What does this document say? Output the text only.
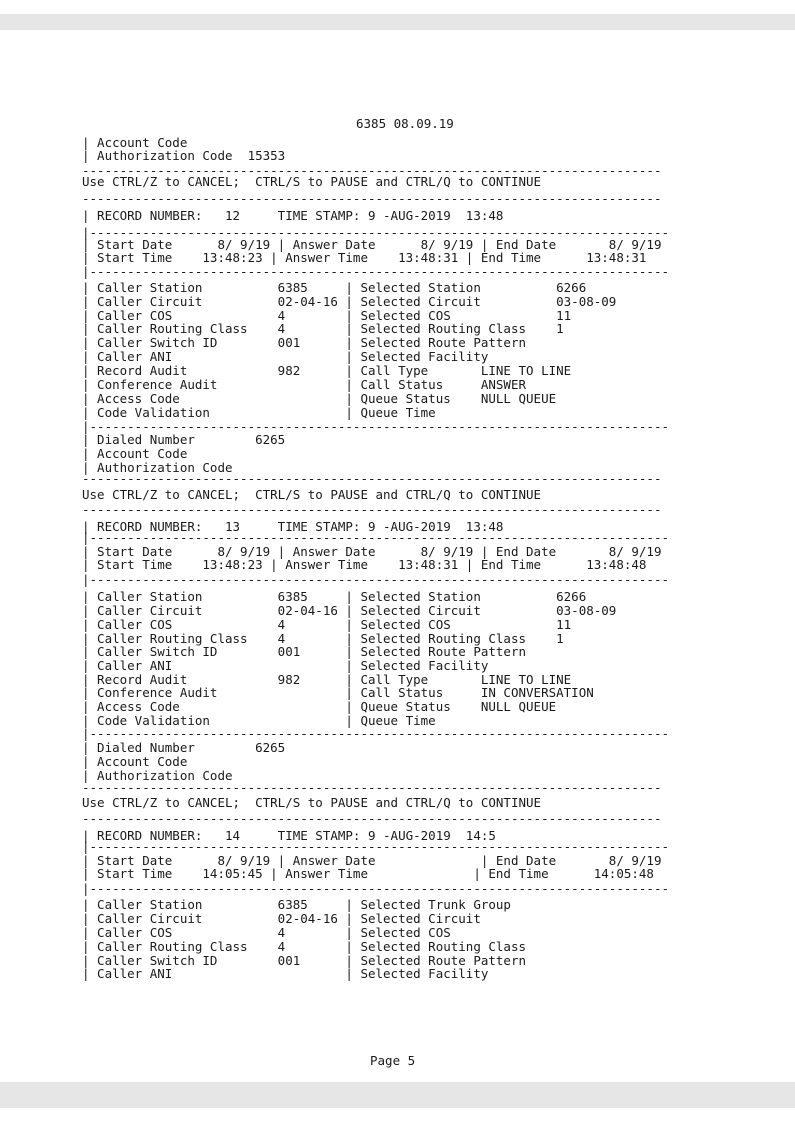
6385 08.09.19
| Account Code
| Authorization Code  15353
-----------------------------------------------------------------------------
Use CTRL/Z to CANCEL;  CTRL/S to PAUSE and CTRL/Q to CONTINUE
-----------------------------------------------------------------------------
| RECORD NUMBER:   12     TIME STAMP: 9 -AUG-2019  13:48
|-----------------------------------------------------------------------------
| Start Date      8/ 9/19 | Answer Date      8/ 9/19 | End Date       8/ 9/19
| Start Time    13:48:23 | Answer Time    13:48:31 | End Time      13:48:31
|-----------------------------------------------------------------------------
| Caller Station          6385     | Selected Station          6266
| Caller Circuit          02-04-16 | Selected Circuit          03-08-09
| Caller COS              4        | Selected COS              11
| Caller Routing Class    4        | Selected Routing Class    1
| Caller Switch ID        001      | Selected Route Pattern
| Caller ANI                       | Selected Facility
| Record Audit            982      | Call Type       LINE TO LINE
| Conference Audit                 | Call Status     ANSWER
| Access Code                      | Queue Status    NULL QUEUE
| Code Validation                  | Queue Time
|-----------------------------------------------------------------------------
| Dialed Number        6265
| Account Code
| Authorization Code
-----------------------------------------------------------------------------
Use CTRL/Z to CANCEL;  CTRL/S to PAUSE and CTRL/Q to CONTINUE
-----------------------------------------------------------------------------
| RECORD NUMBER:   13     TIME STAMP: 9 -AUG-2019  13:48
|-----------------------------------------------------------------------------
| Start Date      8/ 9/19 | Answer Date      8/ 9/19 | End Date       8/ 9/19
| Start Time    13:48:23 | Answer Time    13:48:31 | End Time      13:48:48
|-----------------------------------------------------------------------------
| Caller Station          6385     | Selected Station          6266
| Caller Circuit          02-04-16 | Selected Circuit          03-08-09
| Caller COS              4        | Selected COS              11
| Caller Routing Class    4        | Selected Routing Class    1
| Caller Switch ID        001      | Selected Route Pattern
| Caller ANI                       | Selected Facility
| Record Audit            982      | Call Type       LINE TO LINE
| Conference Audit                 | Call Status     IN CONVERSATION
| Access Code                      | Queue Status    NULL QUEUE
| Code Validation                  | Queue Time
|-----------------------------------------------------------------------------
| Dialed Number        6265
| Account Code
| Authorization Code
-----------------------------------------------------------------------------
Use CTRL/Z to CANCEL;  CTRL/S to PAUSE and CTRL/Q to CONTINUE
-----------------------------------------------------------------------------
| RECORD NUMBER:   14     TIME STAMP: 9 -AUG-2019  14:5
|-----------------------------------------------------------------------------
| Start Date      8/ 9/19 | Answer Date              | End Date       8/ 9/19
| Start Time    14:05:45 | Answer Time              | End Time      14:05:48
|-----------------------------------------------------------------------------
| Caller Station          6385     | Selected Trunk Group
| Caller Circuit          02-04-16 | Selected Circuit
| Caller COS              4        | Selected COS
| Caller Routing Class    4        | Selected Routing Class
| Caller Switch ID        001      | Selected Route Pattern
| Caller ANI                       | Selected Facility
Page 5
